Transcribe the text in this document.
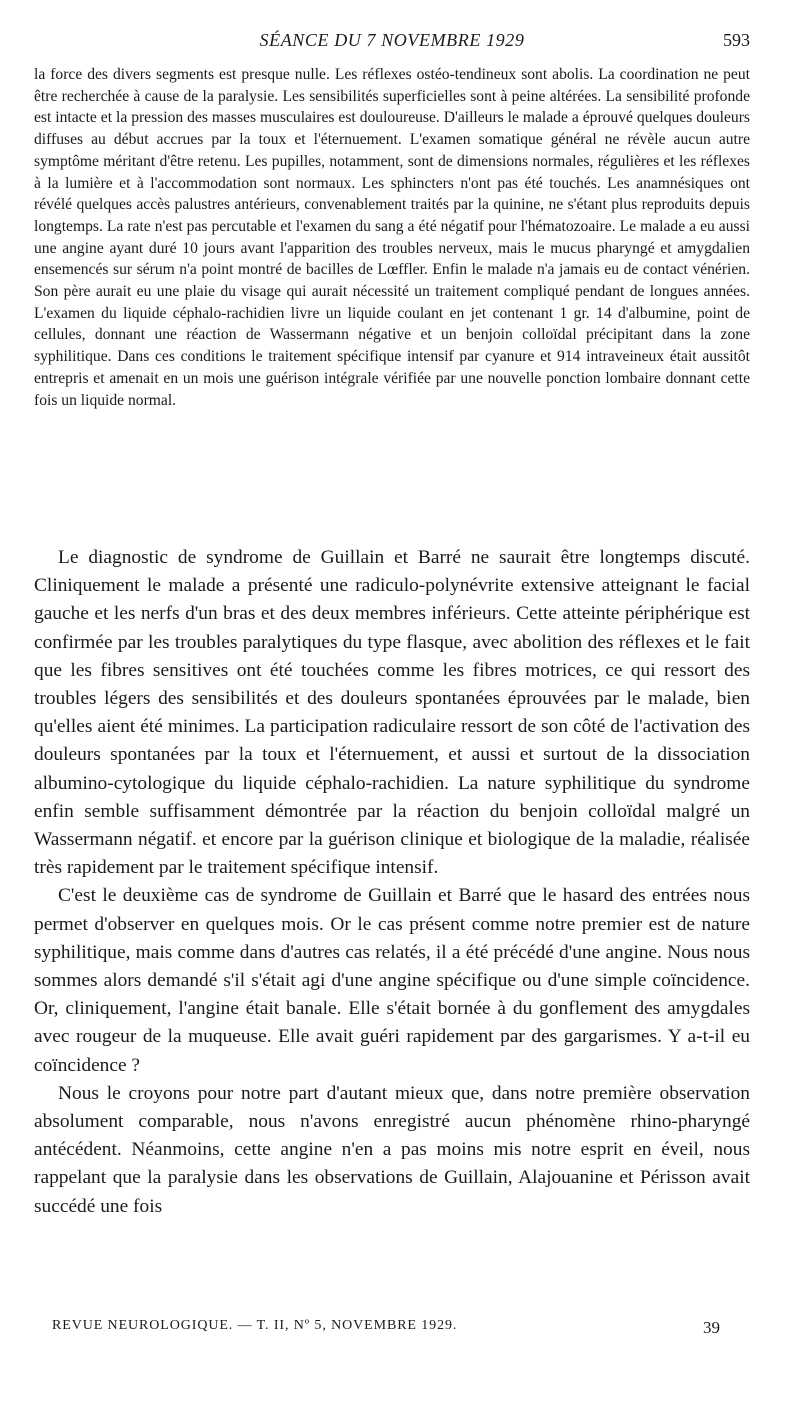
SÉANCE DU 7 NOVEMBRE 1929	593

la force des divers segments est presque nulle. Les réflexes ostéo-tendineux sont abolis. La coordination ne peut être recherchée à cause de la paralysie. Les sensibilités superficielles sont à peine altérées. La sensibilité profonde est intacte et la pression des masses musculaires est douloureuse. D'ailleurs le malade a éprouvé quelques douleurs diffuses au début accrues par la toux et l'éternuement. L'examen somatique général ne révèle aucun autre symptôme méritant d'être retenu. Les pupilles, notamment, sont de dimensions normales, régulières et les réflexes à la lumière et à l'accommodation sont normaux. Les sphincters n'ont pas été touchés. Les anamnésiques ont révélé quelques accès palustres antérieurs, convenablement traités par la quinine, ne s'étant plus reproduits depuis longtemps. La rate n'est pas percutable et l'examen du sang a été négatif pour l'hématozoaire. Le malade a eu aussi une angine ayant duré 10 jours avant l'apparition des troubles nerveux, mais le mucus pharyngé et amygdalien ensemencés sur sérum n'a point montré de bacilles de Lœffler. Enfin le malade n'a jamais eu de contact vénérien. Son père aurait eu une plaie du visage qui aurait nécessité un traitement compliqué pendant de longues années. L'examen du liquide céphalo-rachidien livre un liquide coulant en jet contenant 1 gr. 14 d'albumine, point de cellules, donnant une réaction de Wassermann négative et un benjoin colloïdal précipitant dans la zone syphilitique. Dans ces conditions le traitement spécifique intensif par cyanure et 914 intraveineux était aussitôt entrepris et amenait en un mois une guérison intégrale vérifiée par une nouvelle ponction lombaire donnant cette fois un liquide normal.

Le diagnostic de syndrome de Guillain et Barré ne saurait être longtemps discuté. Cliniquement le malade a présenté une radiculo-polynévrite extensive atteignant le facial gauche et les nerfs d'un bras et des deux membres inférieurs. Cette atteinte périphérique est confirmée par les troubles paralytiques du type flasque, avec abolition des réflexes et le fait que les fibres sensitives ont été touchées comme les fibres motrices, ce qui ressort des troubles légers des sensibilités et des douleurs spontanées éprouvées par le malade, bien qu'elles aient été minimes. La participation radiculaire ressort de son côté de l'activation des douleurs spontanées par la toux et l'éternuement, et aussi et surtout de la dissociation albumino-cytologique du liquide céphalo-rachidien. La nature syphilitique du syndrome enfin semble suffisamment démontrée par la réaction du benjoin colloïdal malgré un Wassermann négatif. et encore par la guérison clinique et biologique de la maladie, réalisée très rapidement par le traitement spécifique intensif.

C'est le deuxième cas de syndrome de Guillain et Barré que le hasard des entrées nous permet d'observer en quelques mois. Or le cas présent comme notre premier est de nature syphilitique, mais comme dans d'autres cas relatés, il a été précédé d'une angine. Nous nous sommes alors demandé s'il s'était agi d'une angine spécifique ou d'une simple coïncidence. Or, cliniquement, l'angine était banale. Elle s'était bornée à du gonflement des amygdales avec rougeur de la muqueuse. Elle avait guéri rapidement par des gargarismes. Y a-t-il eu coïncidence ?

Nous le croyons pour notre part d'autant mieux que, dans notre première observation absolument comparable, nous n'avons enregistré aucun phénomène rhino-pharyngé antécédent. Néanmoins, cette angine n'en a pas moins mis notre esprit en éveil, nous rappelant que la paralysie dans les observations de Guillain, Alajouanine et Périsson avait succédé une fois

REVUE NEUROLOGIQUE. — T. II, Nº 5, NOVEMBRE 1929.	39
